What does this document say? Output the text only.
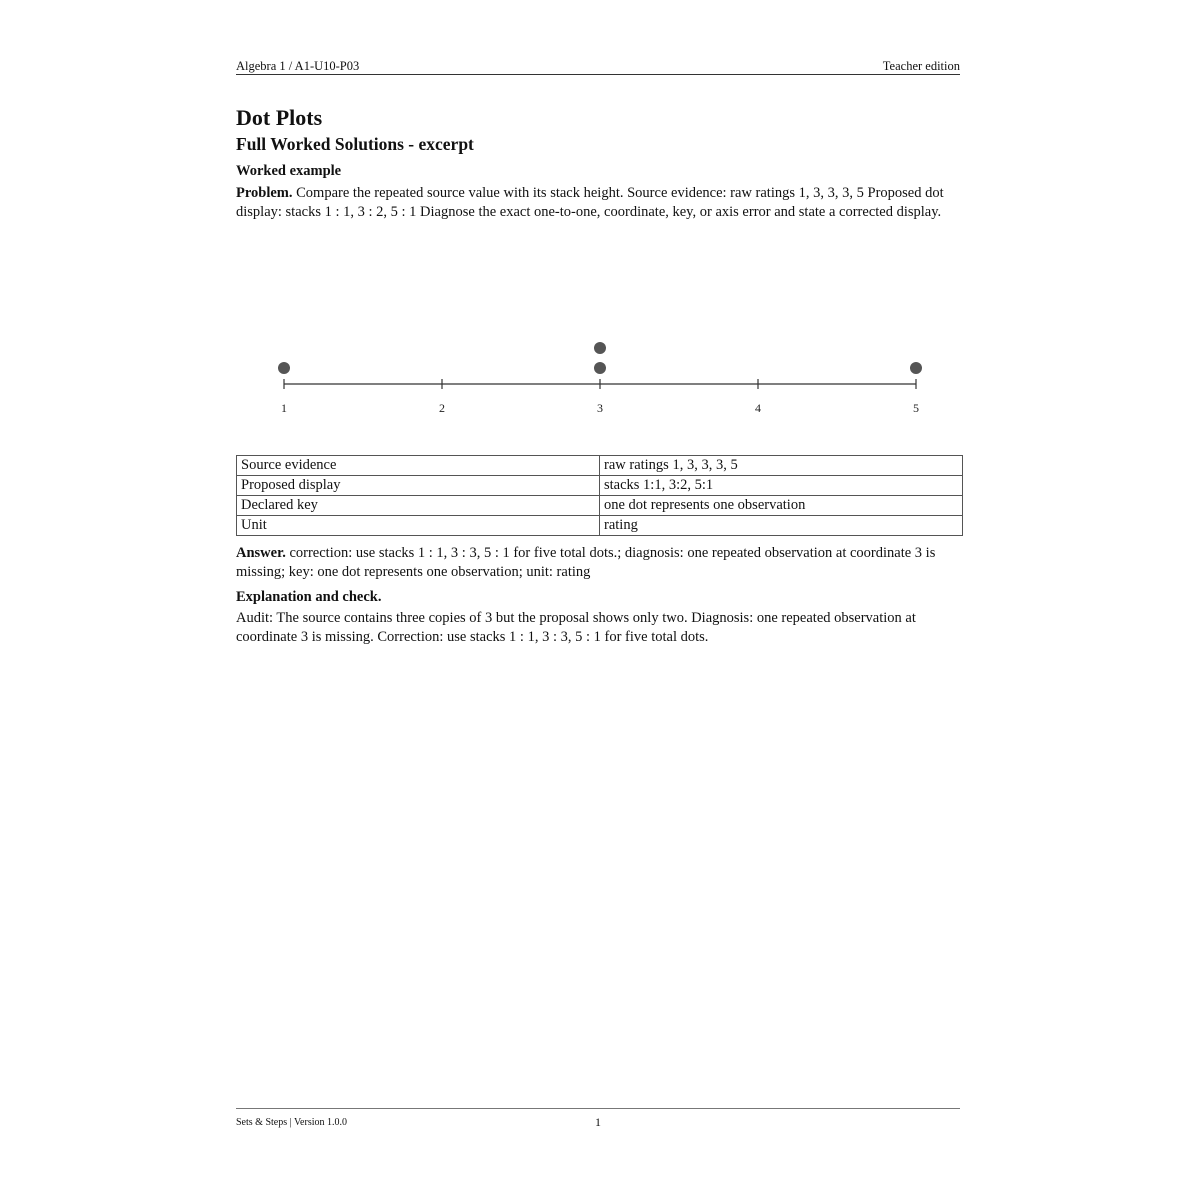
Algebra 1 / A1-U10-P03	Teacher edition
Dot Plots
Full Worked Solutions - excerpt
Worked example

Problem. Compare the repeated source value with its stack height. Source evidence: raw ratings 1, 3, 3, 3, 5 Proposed dot display: stacks 1 : 1, 3 : 2, 5 : 1 Diagnose the exact one-to-one, coordinate, key, or axis error and state a corrected display.

1	2	3	4	5
Source evidence	raw ratings 1, 3, 3, 3, 5
Proposed display	stacks 1:1, 3:2, 5:1
Declared key	one dot represents one observation
Unit	rating

Answer. correction: use stacks 1 : 1, 3 : 3, 5 : 1 for five total dots.; diagnosis: one repeated observation at coordinate 3 is missing; key: one dot represents one observation; unit: rating

Explanation and check.

Audit: The source contains three copies of 3 but the proposal shows only two. Diagnosis: one repeated observation at coordinate 3 is missing. Correction: use stacks 1 : 1, 3 : 3, 5 : 1 for five total dots.

Sets & Steps | Version 1.0.0	1
